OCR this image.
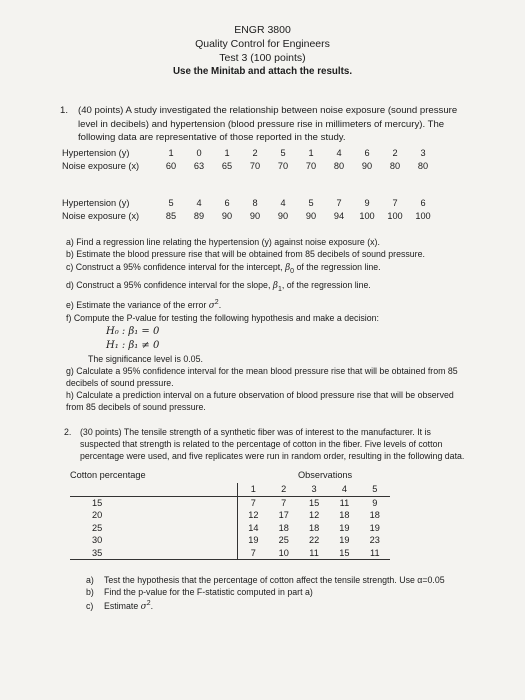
ENGR 3800
Quality Control for Engineers
Test 3 (100 points)
Use the Minitab and attach the results.
1. (40 points) A study investigated the relationship between noise exposure (sound pressure
level in decibels) and hypertension (blood pressure rise in millimeters of mercury). The
following data are representative of those reported in the study.
Hypertension (y)	1	0	1	2	5	1	4	6	2	3
Noise exposure (x)	60	63	65	70	70	70	80	90	80	80
Hypertension (y)	5	4	6	8	4	5	7	9	7	6
Noise exposure (x)	85	89	90	90	90	90	94	100	100	100
a) Find a regression line relating the hypertension (y) against noise exposure (x).
b) Estimate the blood pressure rise that will be obtained from 85 decibels of sound pressure.
c) Construct a 95% confidence interval for the intercept, $\beta_0$ of the regression line.
d) Construct a 95% confidence interval for the slope, $\beta_1$, of the regression line.
e) Estimate the variance of the error $\sigma^2$.
f) Compute the P-value for testing the following hypothesis and make a decision:
H₀ : β₁ = 0
H₁ : β₁ ≠ 0
The significance level is 0.05.
g) Calculate a 95% confidence interval for the mean blood pressure rise that will be obtained from 85
decibels of sound pressure.
h) Calculate a prediction interval on a future observation of blood pressure rise that will be observed
from 85 decibels of sound pressure.
2. (30 points) The tensile strength of a synthetic fiber was of interest to the manufacturer. It is
suspected that strength is related to the percentage of cotton in the fiber. Five levels of cotton
percentage were used, and five replicates were run in random order, resulting in the following data.
Cotton percentage	Observations
	1	2	3	4	5
15	7	7	15	11	9
20	12	17	12	18	18
25	14	18	18	19	19
30	19	25	22	19	23
35	7	10	11	15	11
a) Test the hypothesis that the percentage of cotton affect the tensile strength. Use α=0.05
b) Find the p-value for the F-statistic computed in part a)
c) Estimate $\sigma^2$.
